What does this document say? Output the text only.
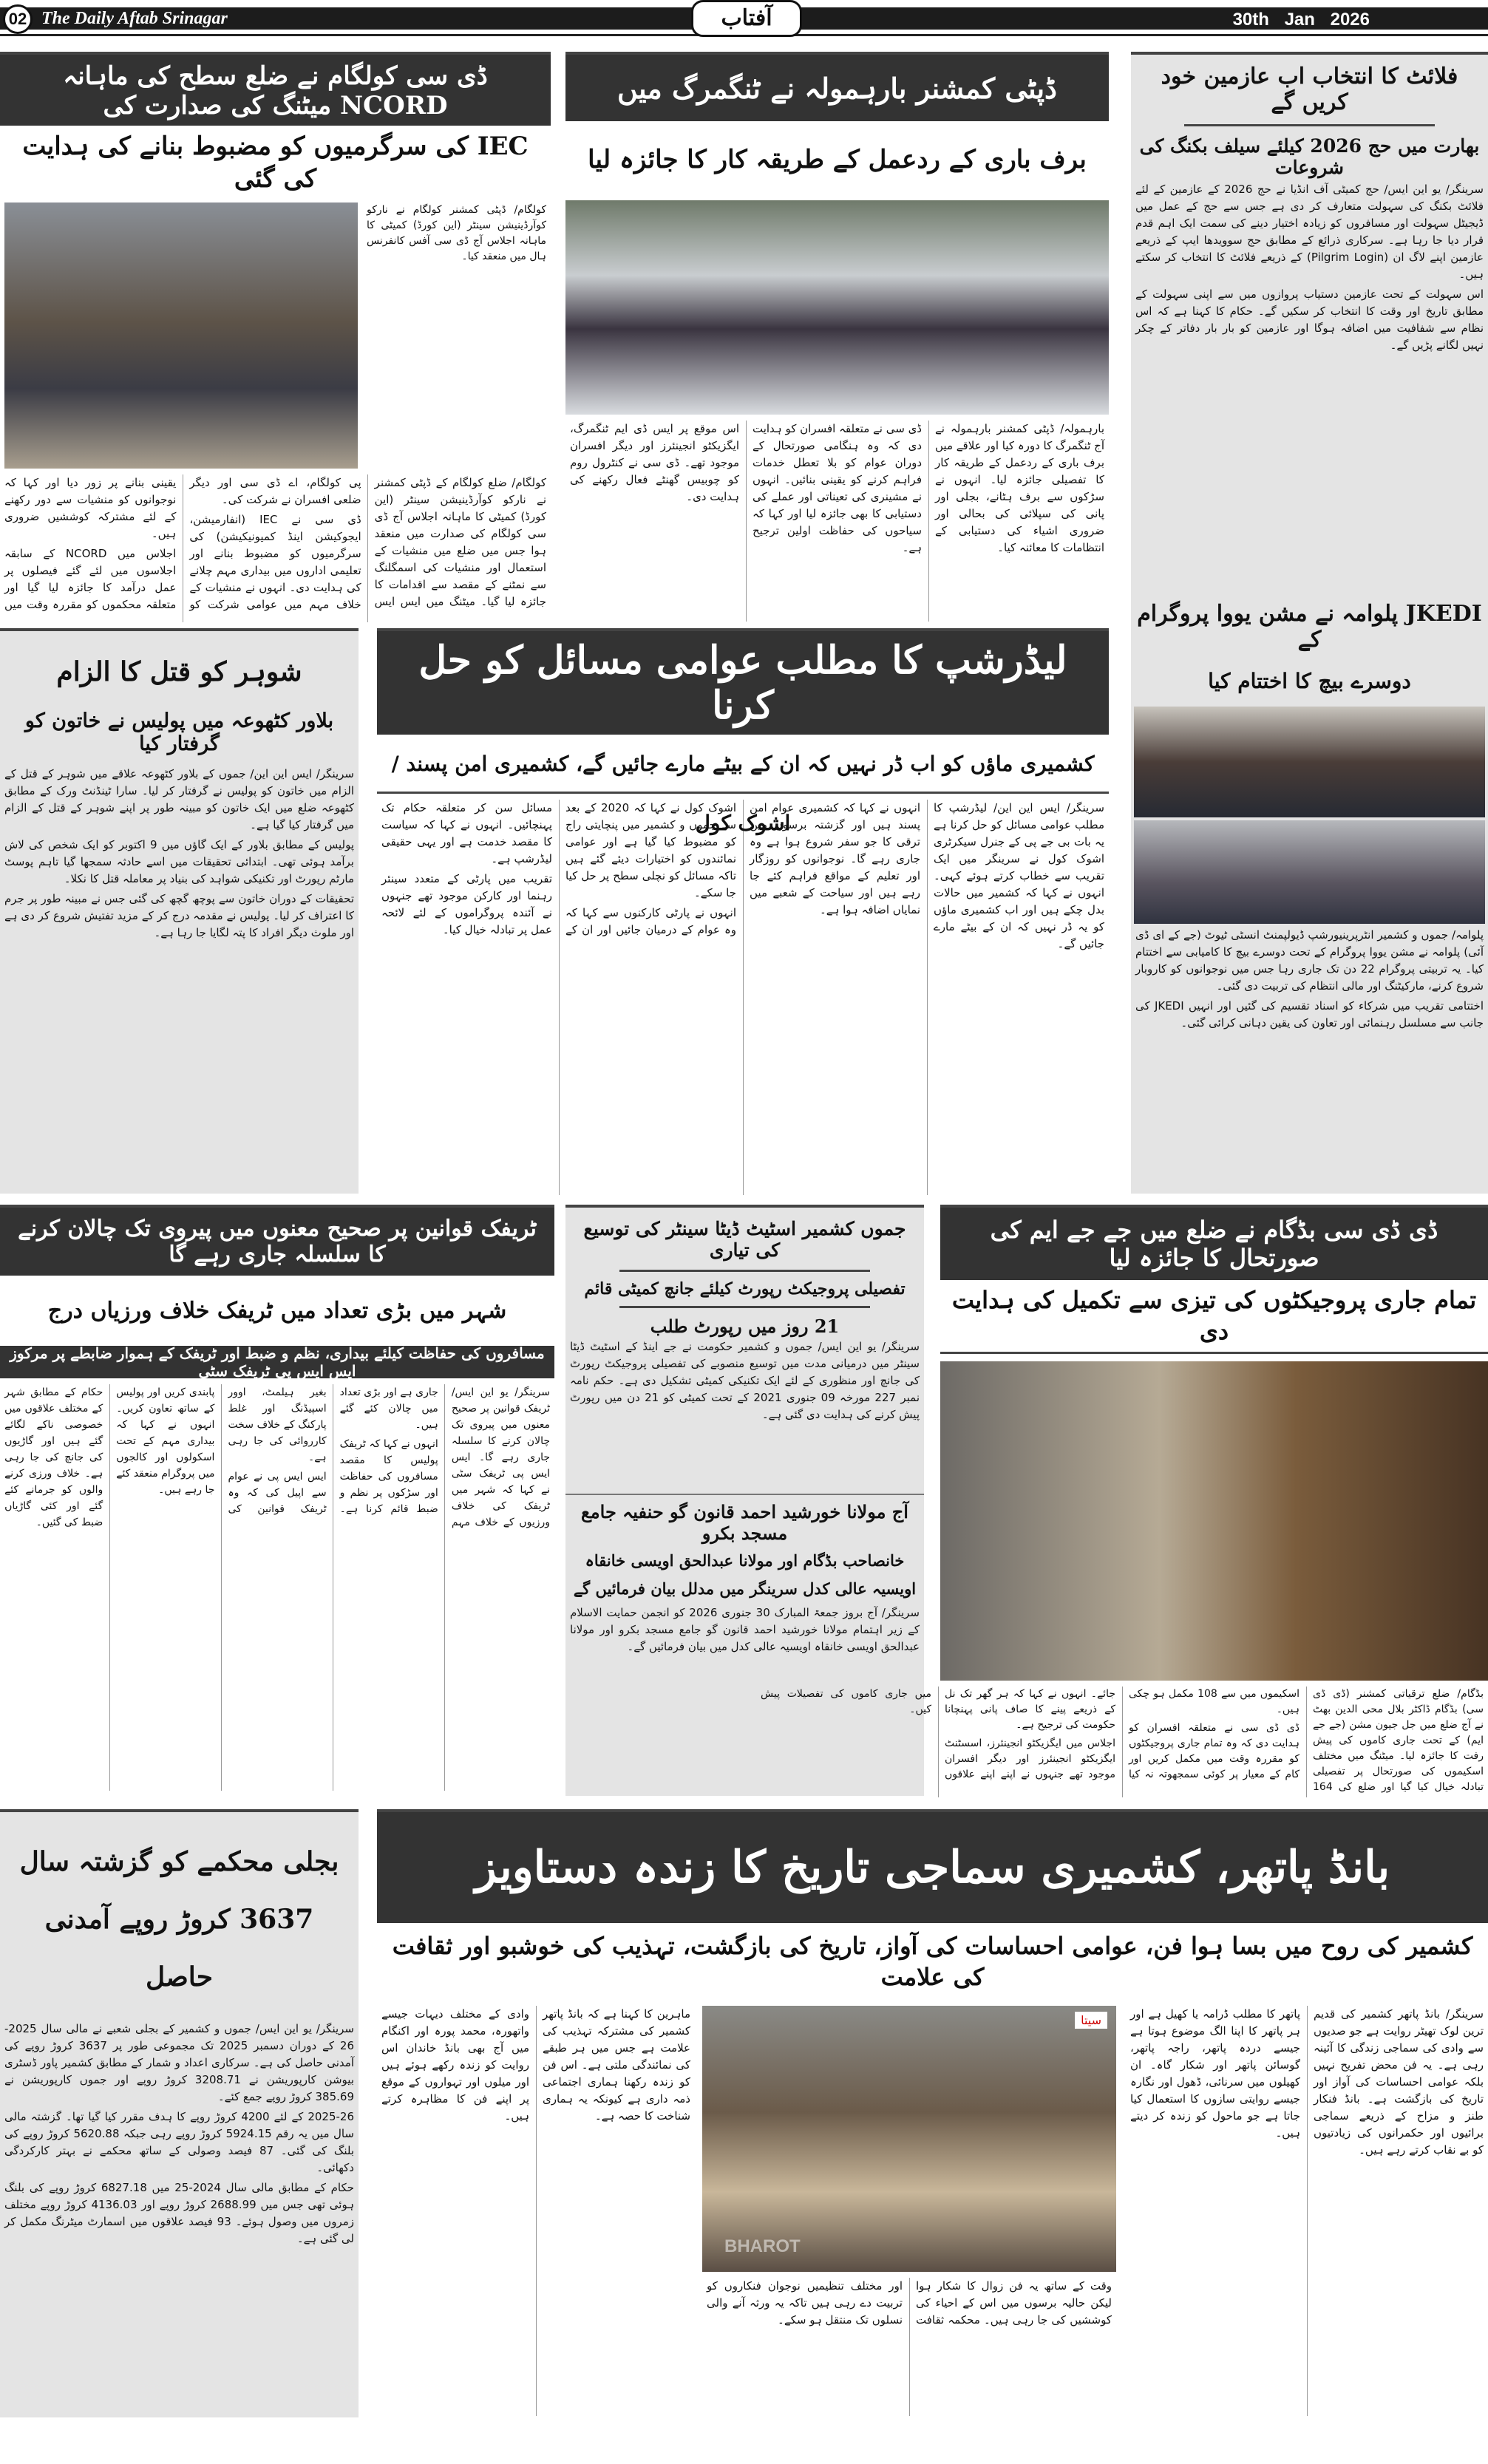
02 The Daily Aftab Srinagar	آفتاب	30th Jan 2026
ڈی سی کولگام نے ضلع سطح کی ماہانہ NCORD میٹنگ کی صدارت کی
IEC کی سرگرمیوں کو مضبوط بنانے کی ہدایت کی گئی
کولگام/ ڈپٹی کمشنر کولگام نے نارکو کوآرڈینیشن سینٹر (این کورڈ) کمیٹی کا ماہانہ اجلاس آج ڈی سی آفس کانفرنس ہال میں منعقد کیا۔

کولگام/ ضلع کولگام کے ڈپٹی کمشنر نے نارکو کوآرڈینیشن سینٹر (این کورڈ) کمیٹی کا ماہانہ اجلاس آج ڈی سی کولگام کی صدارت میں منعقد ہوا جس میں ضلع میں منشیات کے استعمال اور منشیات کی اسمگلنگ سے نمٹنے کے مقصد سے اقدامات کا جائزہ لیا گیا۔ میٹنگ میں ایس ایس پی کولگام، اے ڈی سی اور دیگر ضلعی افسران نے شرکت کی۔

ڈی سی نے IEC (انفارمیشن، ایجوکیشن اینڈ کمیونیکیشن) کی سرگرمیوں کو مضبوط بنانے اور تعلیمی اداروں میں بیداری مہم چلانے کی ہدایت دی۔ انہوں نے منشیات کے خلاف مہم میں عوامی شرکت کو یقینی بنانے پر زور دیا اور کہا کہ نوجوانوں کو منشیات سے دور رکھنے کے لئے مشترکہ کوششیں ضروری ہیں۔

اجلاس میں NCORD کے سابقہ اجلاسوں میں لئے گئے فیصلوں پر عمل درآمد کا جائزہ لیا گیا اور متعلقہ محکموں کو مقررہ وقت میں

ڈپٹی کمشنر بارہمولہ نے ٹنگمرگ میں
برف باری کے ردعمل کے طریقہ کار کا جائزہ لیا

بارہمولہ/ ڈپٹی کمشنر بارہمولہ نے آج ٹنگمرگ کا دورہ کیا اور علاقے میں برف باری کے ردعمل کے طریقہ کار کا تفصیلی جائزہ لیا۔ انہوں نے سڑکوں سے برف ہٹانے، بجلی اور پانی کی سپلائی کی بحالی اور ضروری اشیاء کی دستیابی کے انتظامات کا معائنہ کیا۔

ڈی سی نے متعلقہ افسران کو ہدایت دی کہ وہ ہنگامی صورتحال کے دوران عوام کو بلا تعطل خدمات فراہم کرنے کو یقینی بنائیں۔ انہوں نے مشینری کی تعیناتی اور عملے کی دستیابی کا بھی جائزہ لیا اور کہا کہ سیاحوں کی حفاظت اولین ترجیح ہے۔

اس موقع پر ایس ڈی ایم ٹنگمرگ، ایگزیکٹو انجینئرز اور دیگر افسران موجود تھے۔ ڈی سی نے کنٹرول روم کو چوبیس گھنٹے فعال رکھنے کی ہدایت دی۔

فلائٹ کا انتخاب اب عازمین خود کریں گے
بھارت میں حج 2026 کیلئے سیلف بکنگ کی شروعات

سرینگر/ یو این ایس/ حج کمیٹی آف انڈیا نے حج 2026 کے عازمین کے لئے فلائٹ بکنگ کی سہولت متعارف کر دی ہے جس سے حج کے عمل میں ڈیجیٹل سہولت اور مسافروں کو زیادہ اختیار دینے کی سمت ایک اہم قدم قرار دیا جا رہا ہے۔ سرکاری ذرائع کے مطابق حج سوویدھا ایپ کے ذریعے عازمین اپنے لاگ ان (Pilgrim Login) کے ذریعے فلائٹ کا انتخاب کر سکتے ہیں۔

اس سہولت کے تحت عازمین دستیاب پروازوں میں سے اپنی سہولت کے مطابق تاریخ اور وقت کا انتخاب کر سکیں گے۔ حکام کا کہنا ہے کہ اس نظام سے شفافیت میں اضافہ ہوگا اور عازمین کو بار بار دفاتر کے چکر نہیں لگانے پڑیں گے۔

JKEDI پلوامہ نے مشن یووا پروگرام کے
دوسرے بیچ کا اختتام کیا

پلوامہ/ جموں و کشمیر انٹرپرینیورشپ ڈیولپمنٹ انسٹی ٹیوٹ (جے کے ای ڈی آئی) پلوامہ نے مشن یووا پروگرام کے تحت دوسرے بیچ کا کامیابی سے اختتام کیا۔ یہ تربیتی پروگرام 22 دن تک جاری رہا جس میں نوجوانوں کو کاروبار شروع کرنے، مارکیٹنگ اور مالی انتظام کی تربیت دی گئی۔

اختتامی تقریب میں شرکاء کو اسناد تقسیم کی گئیں اور انہیں JKEDI کی جانب سے مسلسل رہنمائی اور تعاون کی یقین دہانی کرائی گئی۔

شوہر کو قتل کا الزام
بلاور کٹھوعہ میں پولیس نے خاتون کو گرفتار کیا

سرینگر/ ایس این این/ جموں کے بلاور کٹھوعہ علاقے میں شوہر کے قتل کے الزام میں خاتون کو پولیس نے گرفتار کر لیا۔ سارا ٹینڈنٹ ورک کے مطابق کٹھوعہ ضلع میں ایک خاتون کو مبینہ طور پر اپنے شوہر کے قتل کے الزام میں گرفتار کیا گیا ہے۔

پولیس کے مطابق بلاور کے ایک گاؤں میں 9 اکتوبر کو ایک شخص کی لاش برآمد ہوئی تھی۔ ابتدائی تحقیقات میں اسے حادثہ سمجھا گیا تاہم پوسٹ مارٹم رپورٹ اور تکنیکی شواہد کی بنیاد پر معاملہ قتل کا نکلا۔

تحقیقات کے دوران خاتون سے پوچھ گچھ کی گئی جس نے مبینہ طور پر جرم کا اعتراف کر لیا۔ پولیس نے مقدمہ درج کر کے مزید تفتیش شروع کر دی ہے اور ملوث دیگر افراد کا پتہ لگایا جا رہا ہے۔

لیڈرشپ کا مطلب عوامی مسائل کو حل کرنا
کشمیری ماؤں کو اب ڈر نہیں کہ ان کے بیٹے مارے جائیں گے، کشمیری امن پسند / اشوک کول

سرینگر/ ایس این این/ لیڈرشپ کا مطلب عوامی مسائل کو حل کرنا ہے یہ بات بی جے پی کے جنرل سیکرٹری اشوک کول نے سرینگر میں ایک تقریب سے خطاب کرتے ہوئے کہی۔ انہوں نے کہا کہ کشمیر میں حالات بدل چکے ہیں اور اب کشمیری ماؤں کو یہ ڈر نہیں کہ ان کے بیٹے مارے جائیں گے۔

انہوں نے کہا کہ کشمیری عوام امن پسند ہیں اور گزشتہ برسوں میں ترقی کا جو سفر شروع ہوا ہے وہ جاری رہے گا۔ نوجوانوں کو روزگار اور تعلیم کے مواقع فراہم کئے جا رہے ہیں اور سیاحت کے شعبے میں نمایاں اضافہ ہوا ہے۔

اشوک کول نے کہا کہ 2020 کے بعد سے جموں و کشمیر میں پنچایتی راج کو مضبوط کیا گیا ہے اور عوامی نمائندوں کو اختیارات دیئے گئے ہیں تاکہ مسائل کو نچلی سطح پر حل کیا جا سکے۔

انہوں نے پارٹی کارکنوں سے کہا کہ وہ عوام کے درمیان جائیں اور ان کے مسائل سن کر متعلقہ حکام تک پہنچائیں۔ انہوں نے کہا کہ سیاست کا مقصد خدمت ہے اور یہی حقیقی لیڈرشپ ہے۔

تقریب میں پارٹی کے متعدد سینئر رہنما اور کارکن موجود تھے جنہوں نے آئندہ پروگراموں کے لئے لائحہ عمل پر تبادلہ خیال کیا۔

ٹریفک قوانین پر صحیح معنوں میں پیروی تک چالان کرنے کا سلسلہ جاری رہے گا
شہر میں بڑی تعداد میں ٹریفک خلاف ورزیاں درج
مسافروں کی حفاظت کیلئے بیداری، نظم و ضبط اور ٹریفک کے ہموار ضابطے پر مرکوز ایس ایس پی ٹریفک سٹی

سرینگر/ یو این ایس/ ٹریفک قوانین پر صحیح معنوں میں پیروی تک چالان کرنے کا سلسلہ جاری رہے گا۔ ایس ایس پی ٹریفک سٹی نے کہا کہ شہر میں ٹریفک کی خلاف ورزیوں کے خلاف مہم جاری ہے اور بڑی تعداد میں چالان کئے گئے ہیں۔

انہوں نے کہا کہ ٹریفک پولیس کا مقصد مسافروں کی حفاظت اور سڑکوں پر نظم و ضبط قائم کرنا ہے۔ بغیر ہیلمٹ، اوور اسپیڈنگ اور غلط پارکنگ کے خلاف سخت کارروائی کی جا رہی ہے۔

ایس ایس پی نے عوام سے اپیل کی کہ وہ ٹریفک قوانین کی پابندی کریں اور پولیس کے ساتھ تعاون کریں۔ انہوں نے کہا کہ بیداری مہم کے تحت اسکولوں اور کالجوں میں پروگرام منعقد کئے جا رہے ہیں۔

حکام کے مطابق شہر کے مختلف علاقوں میں خصوصی ناکے لگائے گئے ہیں اور گاڑیوں کی جانچ کی جا رہی ہے۔ خلاف ورزی کرنے والوں کو جرمانے کئے گئے اور کئی گاڑیاں ضبط کی گئیں۔

جموں کشمیر اسٹیٹ ڈیٹا سینٹر کی توسیع کی تیاری
تفصیلی پروجیکٹ رپورٹ کیلئے جانچ کمیٹی قائم
21 روز میں رپورٹ طلب

سرینگر/ یو این ایس/ جموں و کشمیر حکومت نے جے اینڈ کے اسٹیٹ ڈیٹا سینٹر میں درمیانی مدت میں توسیع منصوبے کی تفصیلی پروجیکٹ رپورٹ کی جانچ اور منظوری کے لئے ایک تکنیکی کمیٹی تشکیل دی ہے۔ حکم نامہ نمبر 227 مورخہ 09 جنوری 2021 کے تحت کمیٹی کو 21 دن میں رپورٹ پیش کرنے کی ہدایت دی گئی ہے۔

آج مولانا خورشید احمد قانون گو حنفیہ جامع مسجد بکرو
خانصاحب بڈگام اور مولانا عبدالحق اویسی خانقاہ اویسیہ عالی کدل سرینگر میں مدلل بیان فرمائیں گے

سرینگر/ آج بروز جمعۃ المبارک 30 جنوری 2026 کو انجمن حمایت الاسلام کے زیر اہتمام مولانا خورشید احمد قانون گو جامع مسجد بکرو اور مولانا عبدالحق اویسی خانقاہ اویسیہ عالی کدل میں بیان فرمائیں گے۔

ڈی ڈی سی بڈگام نے ضلع میں جے جے ایم کی صورتحال کا جائزہ لیا
تمام جاری پروجیکٹوں کی تیزی سے تکمیل کی ہدایت دی

بڈگام/ ضلع ترقیاتی کمشنر (ڈی ڈی سی) بڈگام ڈاکٹر بلال محی الدین بھٹ نے آج ضلع میں جل جیون مشن (جے جے ایم) کے تحت جاری کاموں کی پیش رفت کا جائزہ لیا۔ میٹنگ میں مختلف اسکیموں کی صورتحال پر تفصیلی تبادلہ خیال کیا گیا اور ضلع کی 164 اسکیموں میں سے 108 مکمل ہو چکی ہیں۔

ڈی ڈی سی نے متعلقہ افسران کو ہدایت دی کہ وہ تمام جاری پروجیکٹوں کو مقررہ وقت میں مکمل کریں اور کام کے معیار پر کوئی سمجھوتہ نہ کیا جائے۔ انہوں نے کہا کہ ہر گھر تک نل کے ذریعے پینے کا صاف پانی پہنچانا حکومت کی ترجیح ہے۔

اجلاس میں ایگزیکٹو انجینئرز، اسسٹنٹ ایگزیکٹو انجینئرز اور دیگر افسران موجود تھے جنہوں نے اپنے اپنے علاقوں میں جاری کاموں کی تفصیلات پیش کیں۔

بجلی محکمے کو گزشتہ سال 3637 کروڑ روپے آمدنی حاصل

سرینگر/ یو این ایس/ جموں و کشمیر کے بجلی شعبے نے مالی سال 2025-26 کے دوران دسمبر 2025 تک مجموعی طور پر 3637 کروڑ روپے کی آمدنی حاصل کی ہے۔ سرکاری اعداد و شمار کے مطابق کشمیر پاور ڈسٹری بیوشن کارپوریشن نے 3208.71 کروڑ روپے اور جموں کارپوریشن نے 385.69 کروڑ روپے جمع کئے۔

2025-26 کے لئے 4200 کروڑ روپے کا ہدف مقرر کیا گیا تھا۔ گزشتہ مالی سال میں یہ رقم 5924.15 کروڑ روپے رہی جبکہ 5620.88 کروڑ روپے کی بلنگ کی گئی۔ 87 فیصد وصولی کے ساتھ محکمے نے بہتر کارکردگی دکھائی۔

حکام کے مطابق مالی سال 2024-25 میں 6827.18 کروڑ روپے کی بلنگ ہوئی تھی جس میں 2688.99 کروڑ روپے اور 4136.03 کروڑ روپے مختلف زمروں میں وصول ہوئے۔ 93 فیصد علاقوں میں اسمارٹ میٹرنگ مکمل کر لی گئی ہے۔

بانڈ پاتھر، کشمیری سماجی تاریخ کا زندہ دستاویز
کشمیر کی روح میں بسا ہوا فن، عوامی احساسات کی آواز، تاریخ کی بازگشت، تہذیب کی خوشبو اور ثقافت کی علامت
سیتا
BHAROT

سرینگر/ بانڈ پاتھر کشمیر کی قدیم ترین لوک تھیٹر روایت ہے جو صدیوں سے وادی کی سماجی زندگی کا آئینہ رہی ہے۔ یہ فن محض تفریح نہیں بلکہ عوامی احساسات کی آواز اور تاریخ کی بازگشت ہے۔ بانڈ فنکار طنز و مزاح کے ذریعے سماجی برائیوں اور حکمرانوں کی زیادتیوں کو بے نقاب کرتے رہے ہیں۔

پاتھر کا مطلب ڈرامہ یا کھیل ہے اور ہر پاتھر کا اپنا الگ موضوع ہوتا ہے جیسے دردہ پاتھر، راجہ پاتھر، گوسائن پاتھر اور شکار گاہ۔ ان کھیلوں میں سرنائی، ڈھول اور نگارہ جیسے روایتی سازوں کا استعمال کیا جاتا ہے جو ماحول کو زندہ کر دیتے ہیں۔

ماہرین کا کہنا ہے کہ بانڈ پاتھر کشمیر کی مشترکہ تہذیب کی علامت ہے جس میں ہر طبقے کی نمائندگی ملتی ہے۔ اس فن کو زندہ رکھنا ہماری اجتماعی ذمہ داری ہے کیونکہ یہ ہماری شناخت کا حصہ ہے۔

وادی کے مختلف دیہات جیسے واتھورہ، محمد پورہ اور اکنگام میں آج بھی بانڈ خاندان اس روایت کو زندہ رکھے ہوئے ہیں اور میلوں اور تہواروں کے موقع پر اپنے فن کا مظاہرہ کرتے ہیں۔

وقت کے ساتھ یہ فن زوال کا شکار ہوا لیکن حالیہ برسوں میں اس کے احیاء کی کوششیں کی جا رہی ہیں۔ محکمہ ثقافت اور مختلف تنظیمیں نوجوان فنکاروں کو تربیت دے رہی ہیں تاکہ یہ ورثہ آنے والی نسلوں تک منتقل ہو سکے۔
